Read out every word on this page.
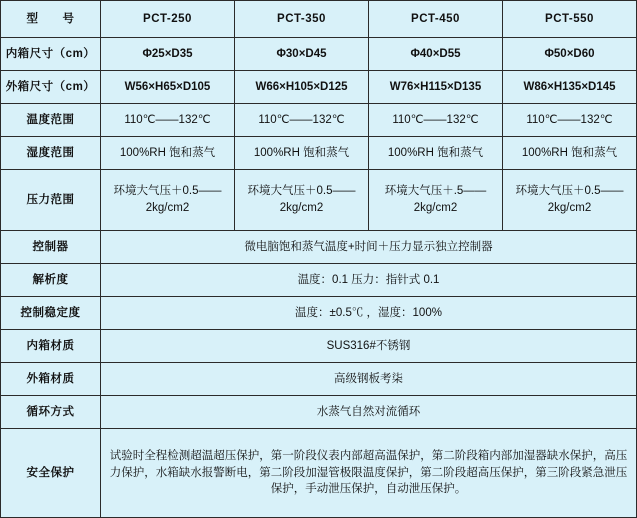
型　　号	PCT-250	PCT-350	PCT-450	PCT-550
内箱尺寸（cm）	Φ25×D35	Φ30×D45	Φ40×D55	Φ50×D60
外箱尺寸（cm）	W56×H65×D105	W66×H105×D125	W76×H115×D135	W86×H135×D145
温度范围	110℃——132℃	110℃——132℃	110℃——132℃	110℃——132℃
湿度范围	100%RH 饱和蒸气	100%RH 饱和蒸气	100%RH 饱和蒸气	100%RH 饱和蒸气
压力范围	环境大气压＋0.5——2kg/cm2	环境大气压＋0.5——2kg/cm2	环境大气压＋.5——2kg/cm2	环境大气压＋0.5——2kg/cm2
控制器	微电脑饱和蒸气温度+时间＋压力显示独立控制器			
解析度	温度：0.1 压力：指针式 0.1			
控制稳定度	温度：±0.5℃ ，湿度：100%			
内箱材质	SUS316#不锈钢			
外箱材质	高级钢板考柒			
循环方式	水蒸气自然对流循环			
安全保护	试验时全程检测超温超压保护，第一阶段仪表内部超高温保护，第二阶段箱内部加湿器缺水保护，高压力保护，水箱缺水报警断电，第二阶段加湿管极限温度保护，第二阶段超高压保护，第三阶段紧急泄压保护，手动泄压保护，自动泄压保护。			
